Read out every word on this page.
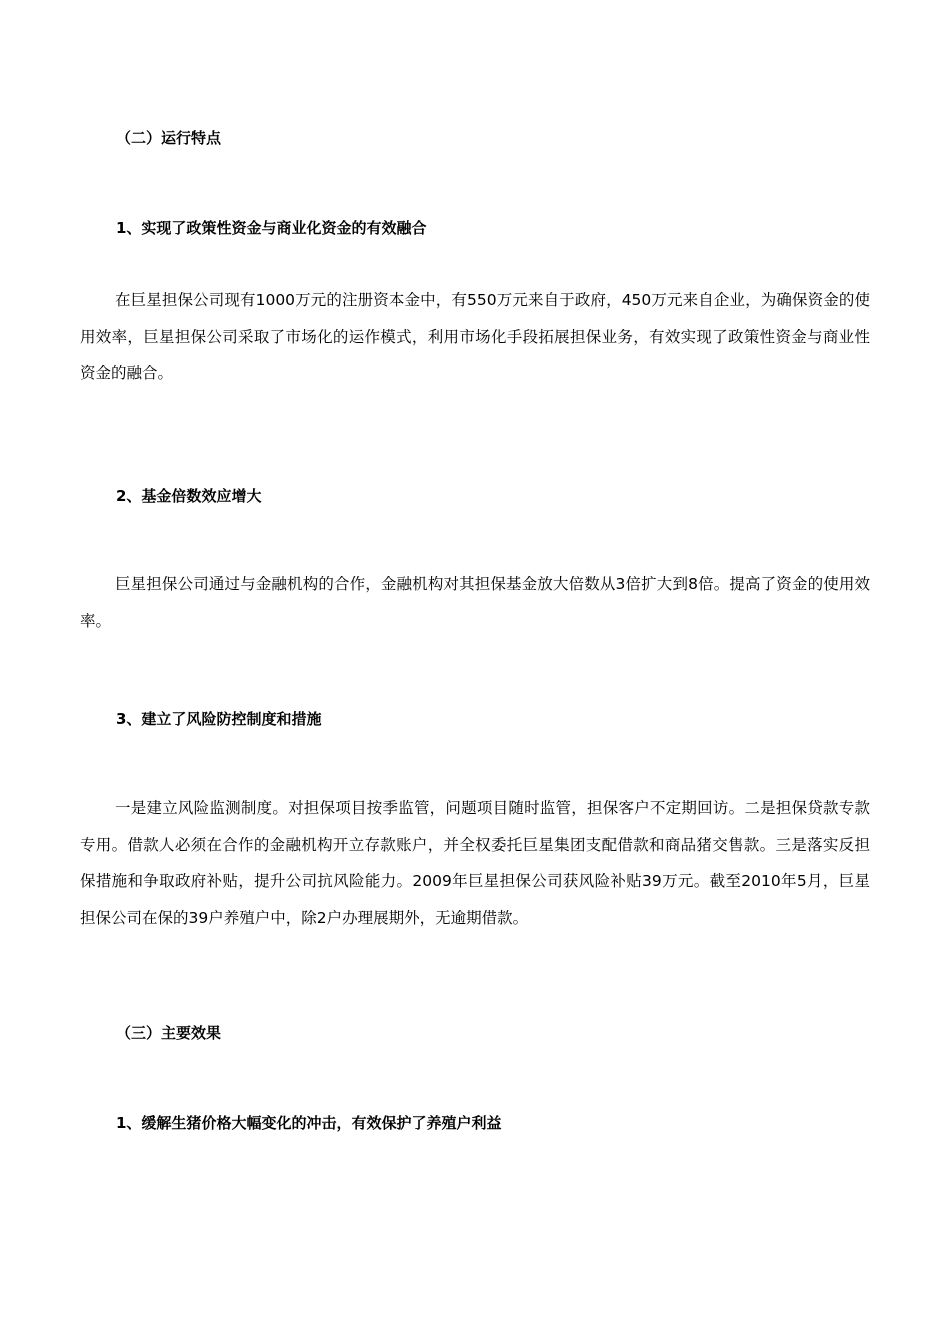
（二）运行特点
1、实现了政策性资金与商业化资金的有效融合

在巨星担保公司现有1000万元的注册资本金中，有550万元来自于政府，450万元来自企业，为确保资金的使用效率，巨星担保公司采取了市场化的运作模式，利用市场化手段拓展担保业务，有效实现了政策性资金与商业性资金的融合。

2、基金倍数效应增大

巨星担保公司通过与金融机构的合作，金融机构对其担保基金放大倍数从3倍扩大到8倍。提高了资金的使用效率。

3、建立了风险防控制度和措施

一是建立风险监测制度。对担保项目按季监管，问题项目随时监管，担保客户不定期回访。二是担保贷款专款专用。借款人必须在合作的金融机构开立存款账户，并全权委托巨星集团支配借款和商品猪交售款。三是落实反担保措施和争取政府补贴，提升公司抗风险能力。2009年巨星担保公司获风险补贴39万元。截至2010年5月，巨星担保公司在保的39户养殖户中，除2户办理展期外，无逾期借款。

（三）主要效果
1、缓解生猪价格大幅变化的冲击，有效保护了养殖户利益
